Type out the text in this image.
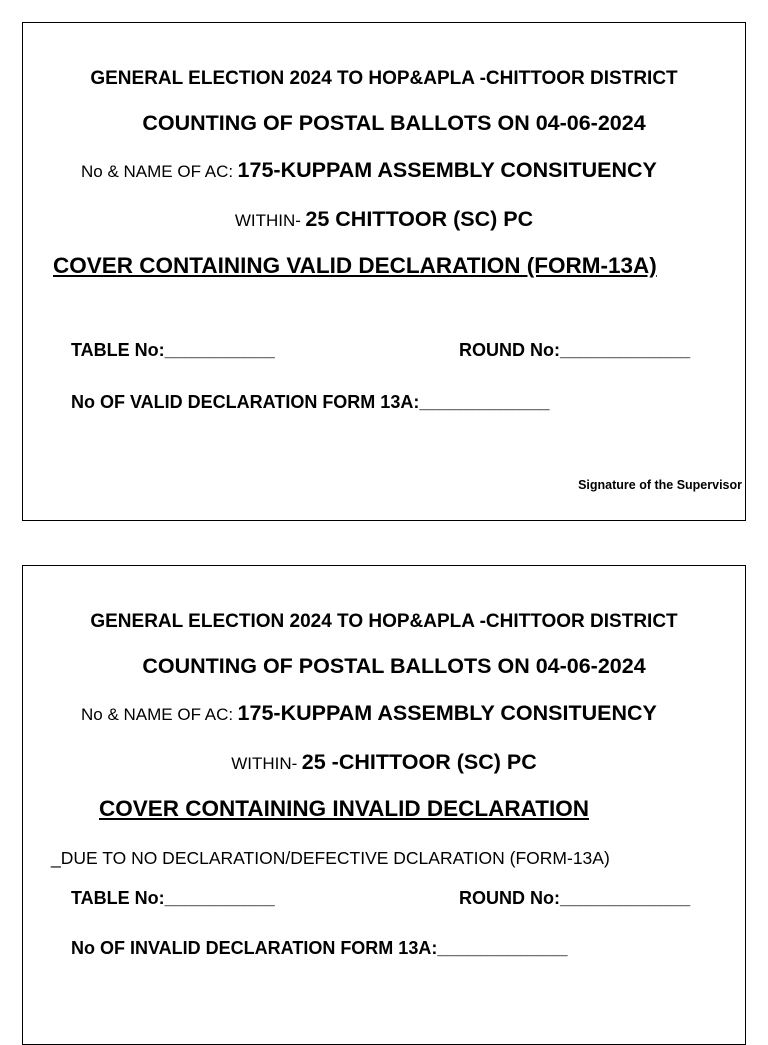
GENERAL ELECTION 2024 TO HOP&APLA -CHITTOOR DISTRICT
COUNTING OF POSTAL BALLOTS ON 04-06-2024
No & NAME OF AC: 175-KUPPAM ASSEMBLY CONSITUENCY
WITHIN- 25 CHITTOOR (SC) PC
COVER CONTAINING VALID DECLARATION (FORM-13A)
TABLE No:___________	ROUND No:_____________
No OF VALID DECLARATION FORM 13A:_____________
Signature of the Supervisor
GENERAL ELECTION 2024 TO HOP&APLA -CHITTOOR DISTRICT
COUNTING OF POSTAL BALLOTS ON 04-06-2024
No & NAME OF AC: 175-KUPPAM ASSEMBLY CONSITUENCY
WITHIN- 25 -CHITTOOR (SC) PC
COVER CONTAINING INVALID DECLARATION
_DUE TO NO DECLARATION/DEFECTIVE DCLARATION (FORM-13A)
TABLE No:___________	ROUND No:_____________
No OF INVALID DECLARATION FORM 13A:_____________
